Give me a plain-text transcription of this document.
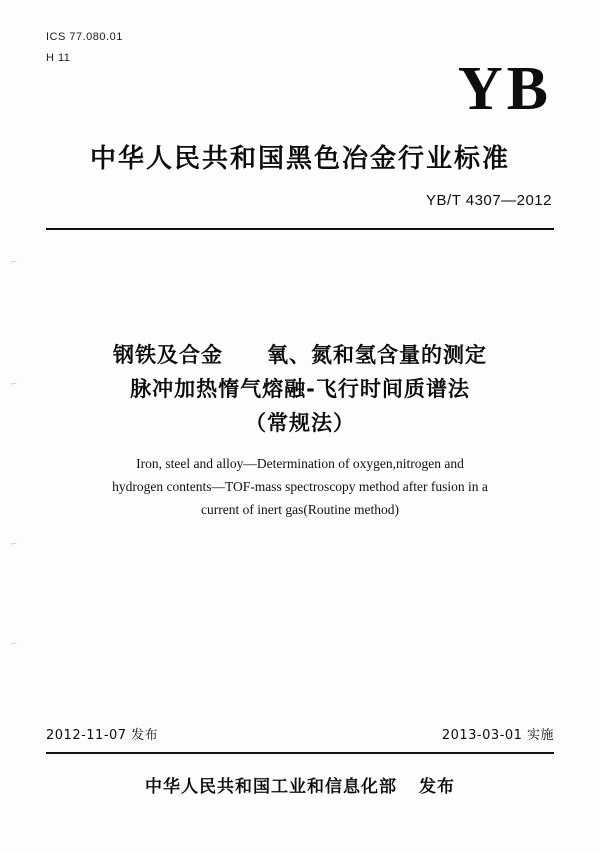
ICS 77.080.01
H 11	YB
中华人民共和国黑色冶金行业标准
YB/T 4307—2012
⌐
⌐
⌐
⌐
钢铁及合金　　氧、氮和氢含量的测定
脉冲加热惰气熔融-飞行时间质谱法
（常规法）
Iron, steel and alloy—Determination of oxygen,nitrogen and
hydrogen contents—TOF-mass spectroscopy method after fusion in a
current of inert gas(Routine method)
2012-11-07 发布	2013-03-01 实施
中华人民共和国工业和信息化部 发布
